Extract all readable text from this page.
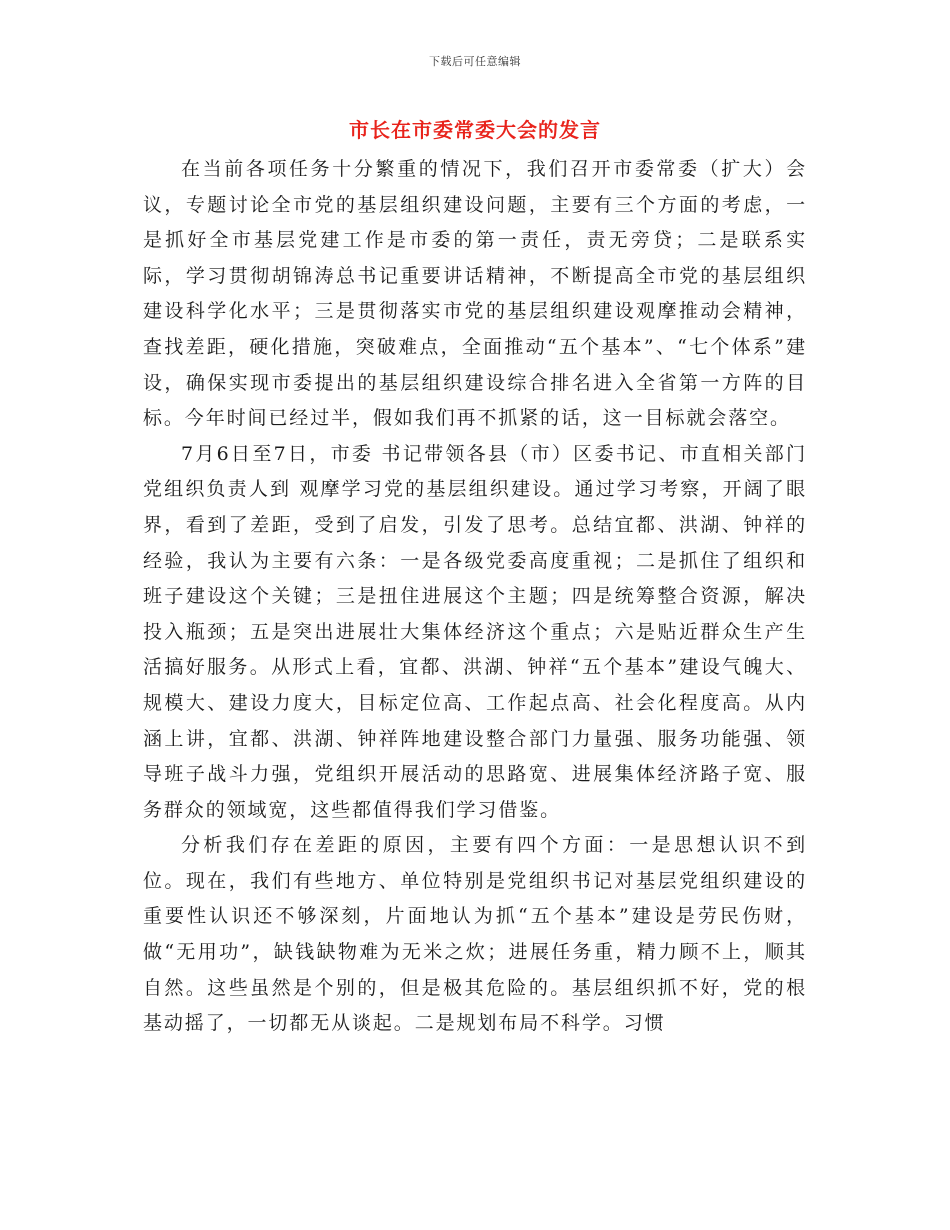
下载后可任意编辑
市长在市委常委大会的发言

在当前各项任务十分繁重的情况下，我们召开市委常委（扩大）会议，专题讨论全市党的基层组织建设问题，主要有三个方面的考虑，一是抓好全市基层党建工作是市委的第一责任，责无旁贷；二是联系实际，学习贯彻胡锦涛总书记重要讲话精神，不断提高全市党的基层组织建设科学化水平；三是贯彻落实市党的基层组织建设观摩推动会精神，查找差距，硬化措施，突破难点，全面推动“五个基本”、“七个体系”建设，确保实现市委提出的基层组织建设综合排名进入全省第一方阵的目标。今年时间已经过半，假如我们再不抓紧的话，这一目标就会落空。

7月6日至7日，市委 书记带领各县（市）区委书记、市直相关部门党组织负责人到 观摩学习党的基层组织建设。通过学习考察，开阔了眼界，看到了差距，受到了启发，引发了思考。总结宜都、洪湖、钟祥的经验，我认为主要有六条：一是各级党委高度重视；二是抓住了组织和班子建设这个关键；三是扭住进展这个主题；四是统筹整合资源，解决投入瓶颈；五是突出进展壮大集体经济这个重点；六是贴近群众生产生活搞好服务。从形式上看，宜都、洪湖、钟祥“五个基本”建设气魄大、规模大、建设力度大，目标定位高、工作起点高、社会化程度高。从内涵上讲，宜都、洪湖、钟祥阵地建设整合部门力量强、服务功能强、领导班子战斗力强，党组织开展活动的思路宽、进展集体经济路子宽、服务群众的领域宽，这些都值得我们学习借鉴。

分析我们存在差距的原因，主要有四个方面：一是思想认识不到位。现在，我们有些地方、单位特别是党组织书记对基层党组织建设的重要性认识还不够深刻，片面地认为抓“五个基本”建设是劳民伤财，做“无用功”，缺钱缺物难为无米之炊；进展任务重，精力顾不上，顺其自然。这些虽然是个别的，但是极其危险的。基层组织抓不好，党的根基动摇了，一切都无从谈起。二是规划布局不科学。习惯
